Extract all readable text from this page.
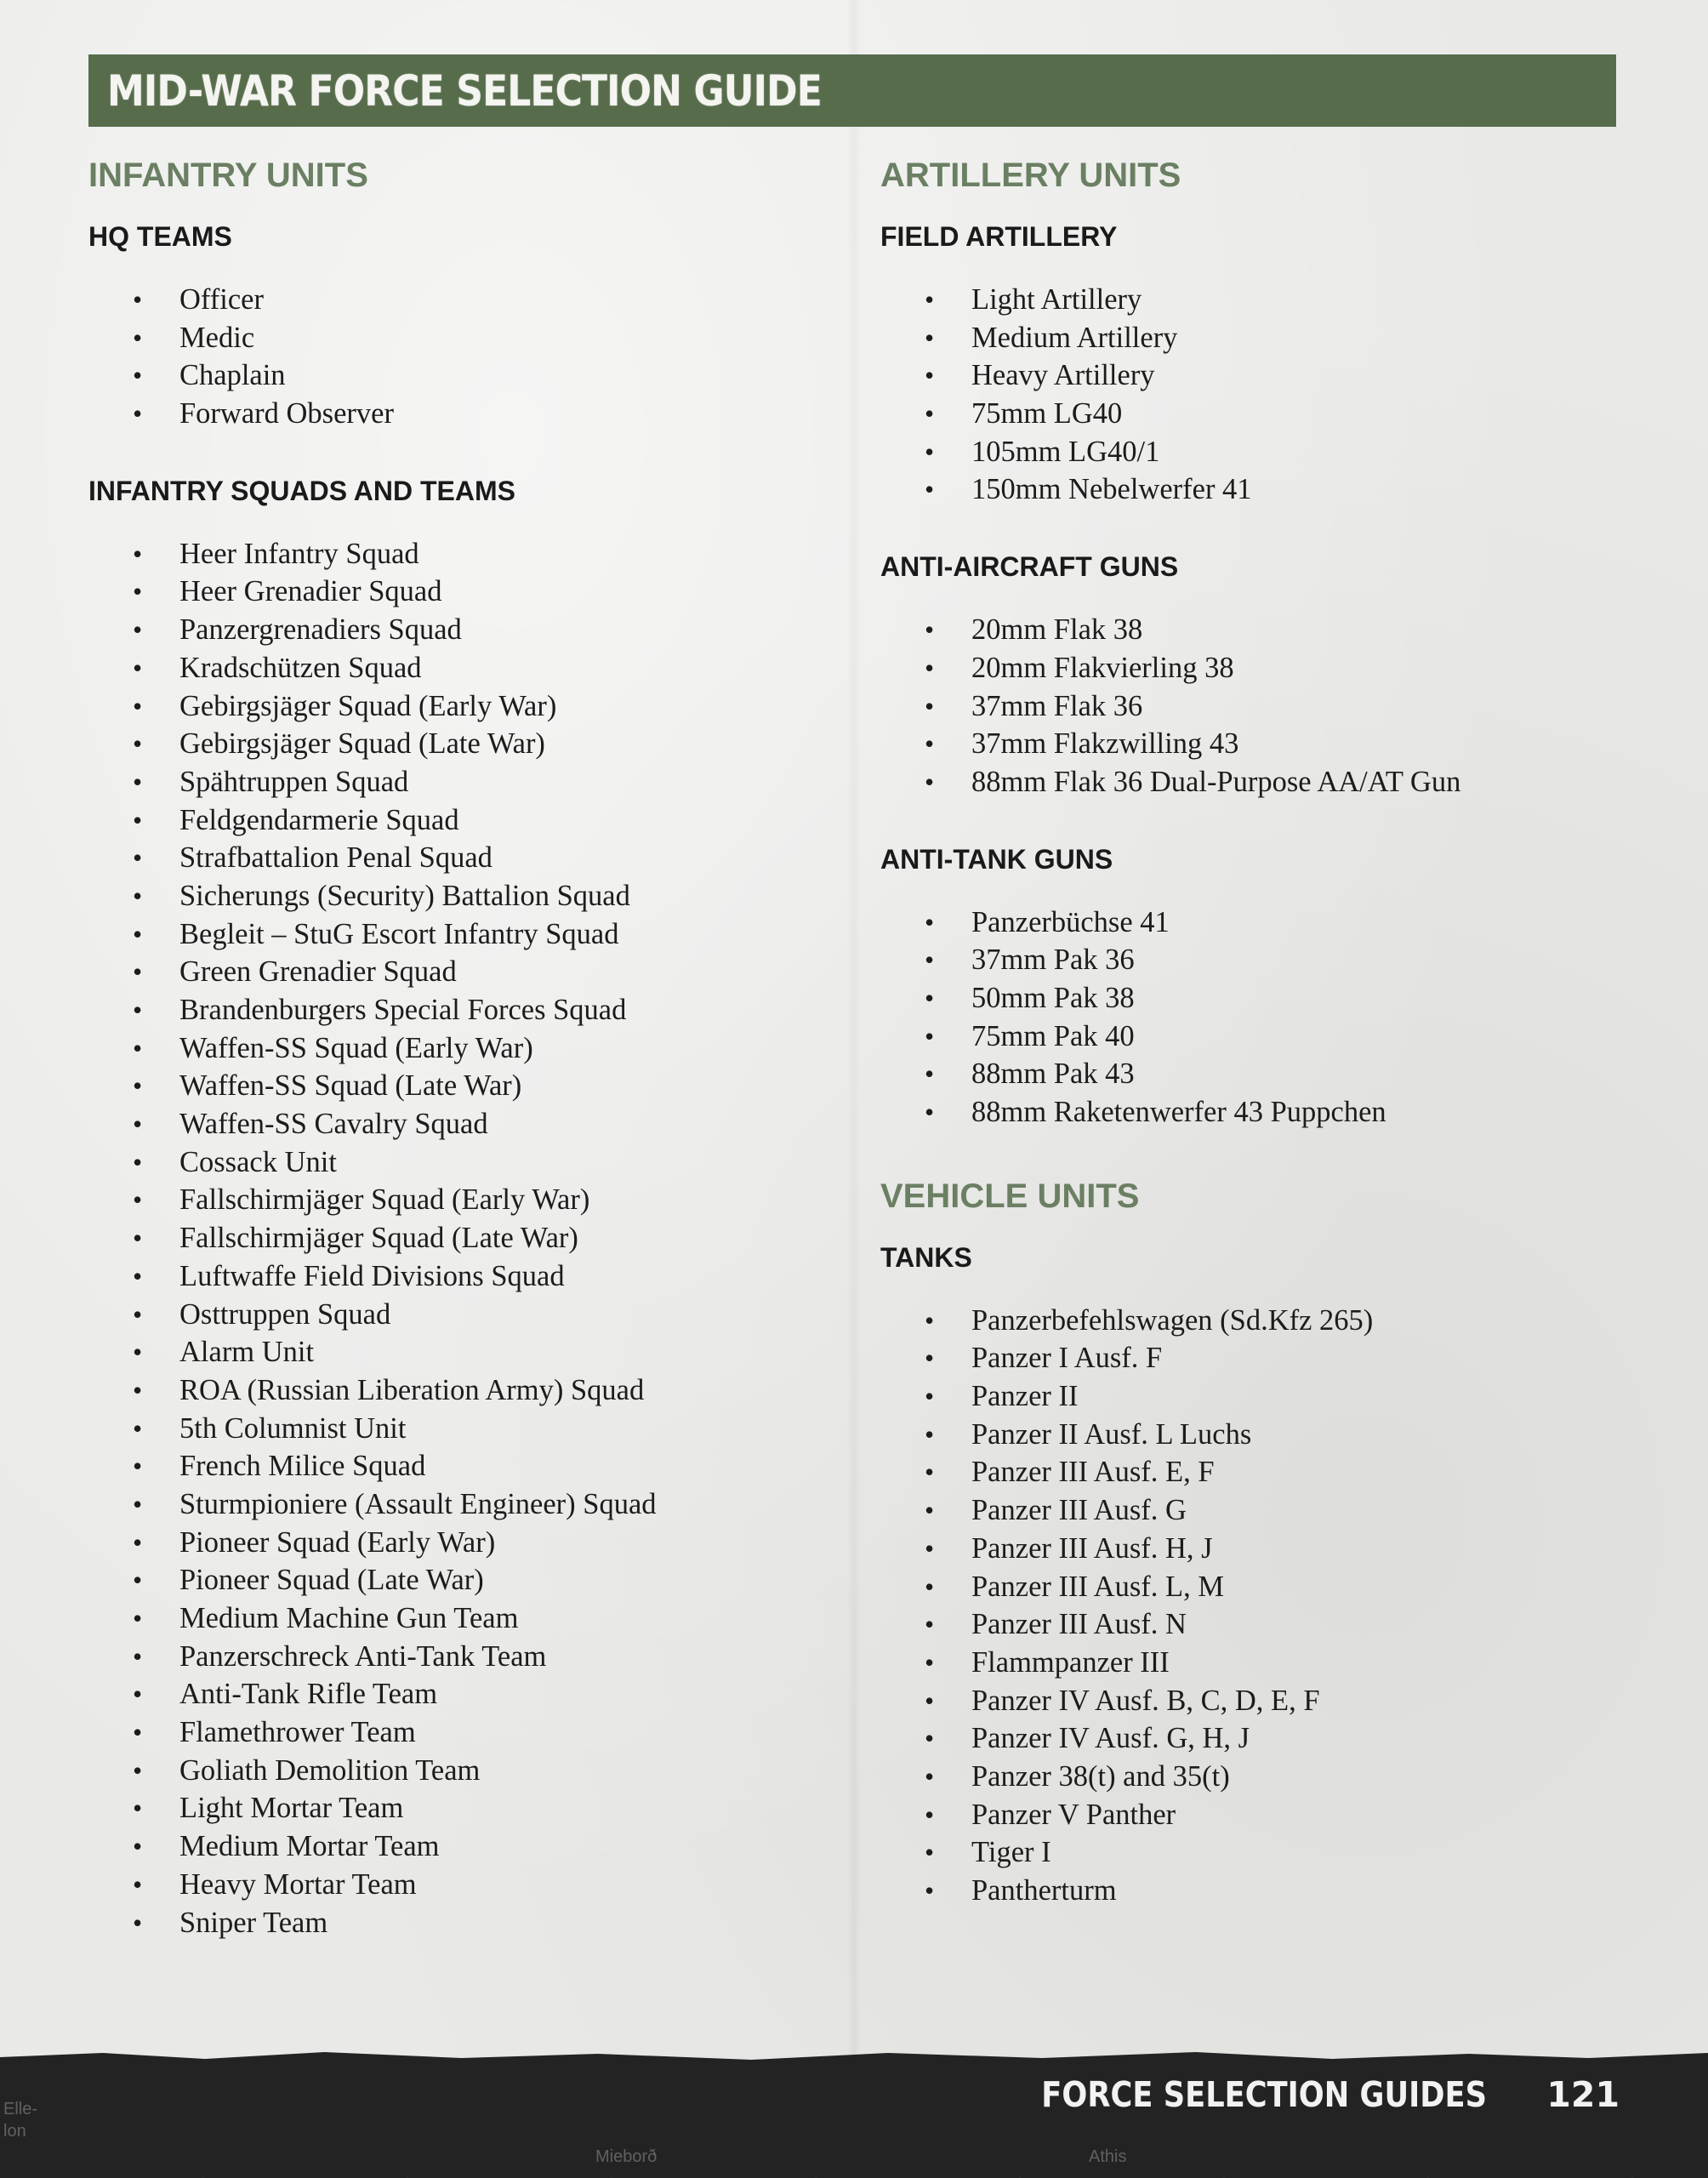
MID-WAR FORCE SELECTION GUIDE
INFANTRY UNITS
HQ TEAMS
• Officer
• Medic
• Chaplain
• Forward Observer
INFANTRY SQUADS AND TEAMS
• Heer Infantry Squad
• Heer Grenadier Squad
• Panzergrenadiers Squad
• Kradschützen Squad
• Gebirgsjäger Squad (Early War)
• Gebirgsjäger Squad (Late War)
• Spähtruppen Squad
• Feldgendarmerie Squad
• Strafbattalion Penal Squad
• Sicherungs (Security) Battalion Squad
• Begleit – StuG Escort Infantry Squad
• Green Grenadier Squad
• Brandenburgers Special Forces Squad
• Waffen-SS Squad (Early War)
• Waffen-SS Squad (Late War)
• Waffen-SS Cavalry Squad
• Cossack Unit
• Fallschirmjäger Squad (Early War)
• Fallschirmjäger Squad (Late War)
• Luftwaffe Field Divisions Squad
• Osttruppen Squad
• Alarm Unit
• ROA (Russian Liberation Army) Squad
• 5th Columnist Unit
• French Milice Squad
• Sturmpioniere (Assault Engineer) Squad
• Pioneer Squad (Early War)
• Pioneer Squad (Late War)
• Medium Machine Gun Team
• Panzerschreck Anti-Tank Team
• Anti-Tank Rifle Team
• Flamethrower Team
• Goliath Demolition Team
• Light Mortar Team
• Medium Mortar Team
• Heavy Mortar Team
• Sniper Team
ARTILLERY UNITS
FIELD ARTILLERY
• Light Artillery
• Medium Artillery
• Heavy Artillery
• 75mm LG40
• 105mm LG40/1
• 150mm Nebelwerfer 41
ANTI-AIRCRAFT GUNS
• 20mm Flak 38
• 20mm Flakvierling 38
• 37mm Flak 36
• 37mm Flakzwilling 43
• 88mm Flak 36 Dual-Purpose AA/AT Gun
ANTI-TANK GUNS
• Panzerbüchse 41
• 37mm Pak 36
• 50mm Pak 38
• 75mm Pak 40
• 88mm Pak 43
• 88mm Raketenwerfer 43 Puppchen
VEHICLE UNITS
TANKS
• Panzerbefehlswagen (Sd.Kfz 265)
• Panzer I Ausf. F
• Panzer II
• Panzer II Ausf. L Luchs
• Panzer III Ausf. E, F
• Panzer III Ausf. G
• Panzer III Ausf. H, J
• Panzer III Ausf. L, M
• Panzer III Ausf. N
• Flammpanzer III
• Panzer IV Ausf. B, C, D, E, F
• Panzer IV Ausf. G, H, J
• Panzer 38(t) and 35(t)
• Panzer V Panther
• Tiger I
• Pantherturm
Elle-
lon
Mieborð	Athis
FORCE SELECTION GUIDES 121
